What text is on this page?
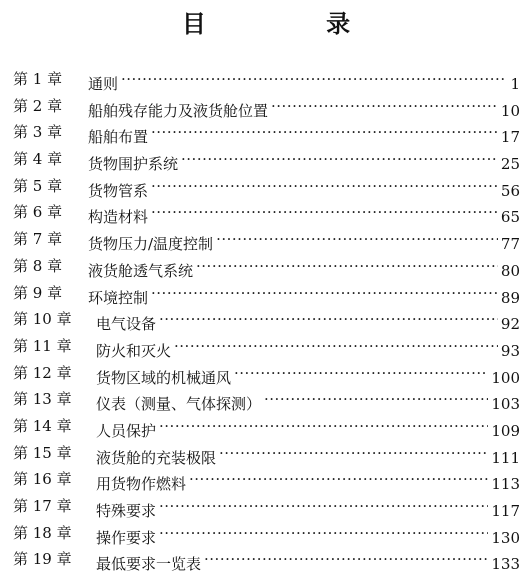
目 录
第 1 章 通则 ·····	1
第 2 章 船舶残存能力及液货舱位置 ·····	10
第 3 章 船舶布置 ·····	17
第 4 章 货物围护系统 ·····	25
第 5 章 货物管系 ·····	56
第 6 章 构造材料 ·····	65
第 7 章 货物压力/温度控制 ·····	77
第 8 章 液货舱透气系统 ·····	80
第 9 章 环境控制 ·····	89
第 10 章 电气设备 ·····	92
第 11 章 防火和灭火 ·····	93
第 12 章 货物区域的机械通风 ·····	100
第 13 章 仪表（测量、气体探测） ·····	103
第 14 章 人员保护 ·····	109
第 15 章 液货舱的充装极限 ·····	111
第 16 章 用货物作燃料 ·····	113
第 17 章 特殊要求 ·····	117
第 18 章 操作要求 ·····	130
第 19 章 最低要求一览表 ·····	133
